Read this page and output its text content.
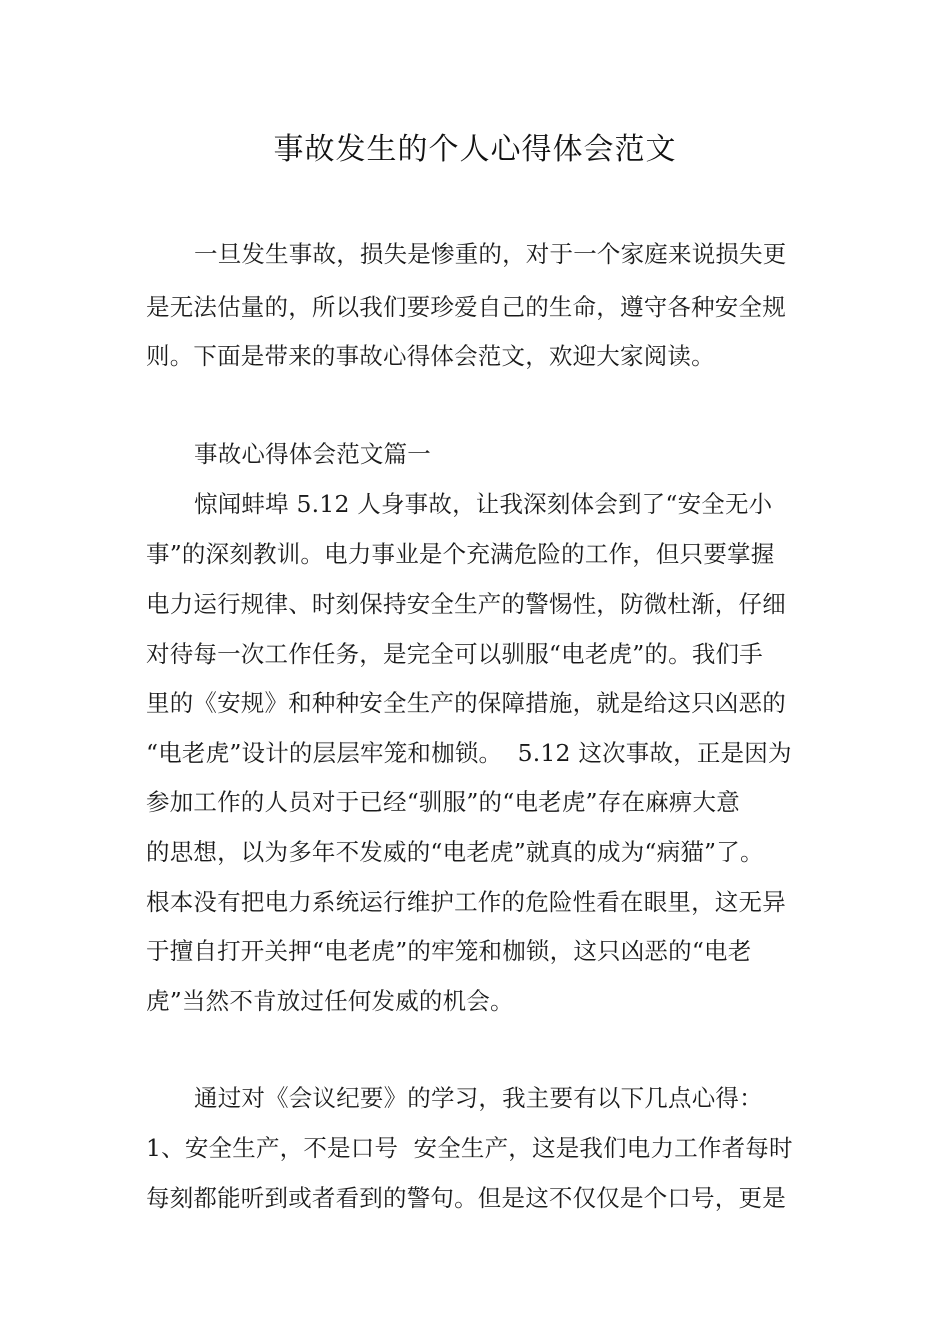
事故发生的个人心得体会范文
一旦发生事故，损失是惨重的，对于一个家庭来说损失更
是无法估量的，所以我们要珍爱自己的生命，遵守各种安全规
则。下面是带来的事故心得体会范文，欢迎大家阅读。
事故心得体会范文篇一
惊闻蚌埠 5.12 人身事故，让我深刻体会到了“安全无小
事”的深刻教训。电力事业是个充满危险的工作，但只要掌握
电力运行规律、时刻保持安全生产的警惕性，防微杜渐，仔细
对待每一次工作任务，是完全可以驯服“电老虎”的。我们手
里的《安规》和种种安全生产的保障措施，就是给这只凶恶的
“电老虎”设计的层层牢笼和枷锁。  5.12 这次事故，正是因为
参加工作的人员对于已经“驯服”的“电老虎”存在麻痹大意
的思想，以为多年不发威的“电老虎”就真的成为“病猫”了。
根本没有把电力系统运行维护工作的危险性看在眼里，这无异
于擅自打开关押“电老虎”的牢笼和枷锁，这只凶恶的“电老
虎”当然不肯放过任何发威的机会。
通过对《会议纪要》的学习，我主要有以下几点心得：
1、安全生产，不是口号  安全生产，这是我们电力工作者每时
每刻都能听到或者看到的警句。但是这不仅仅是个口号，更是
